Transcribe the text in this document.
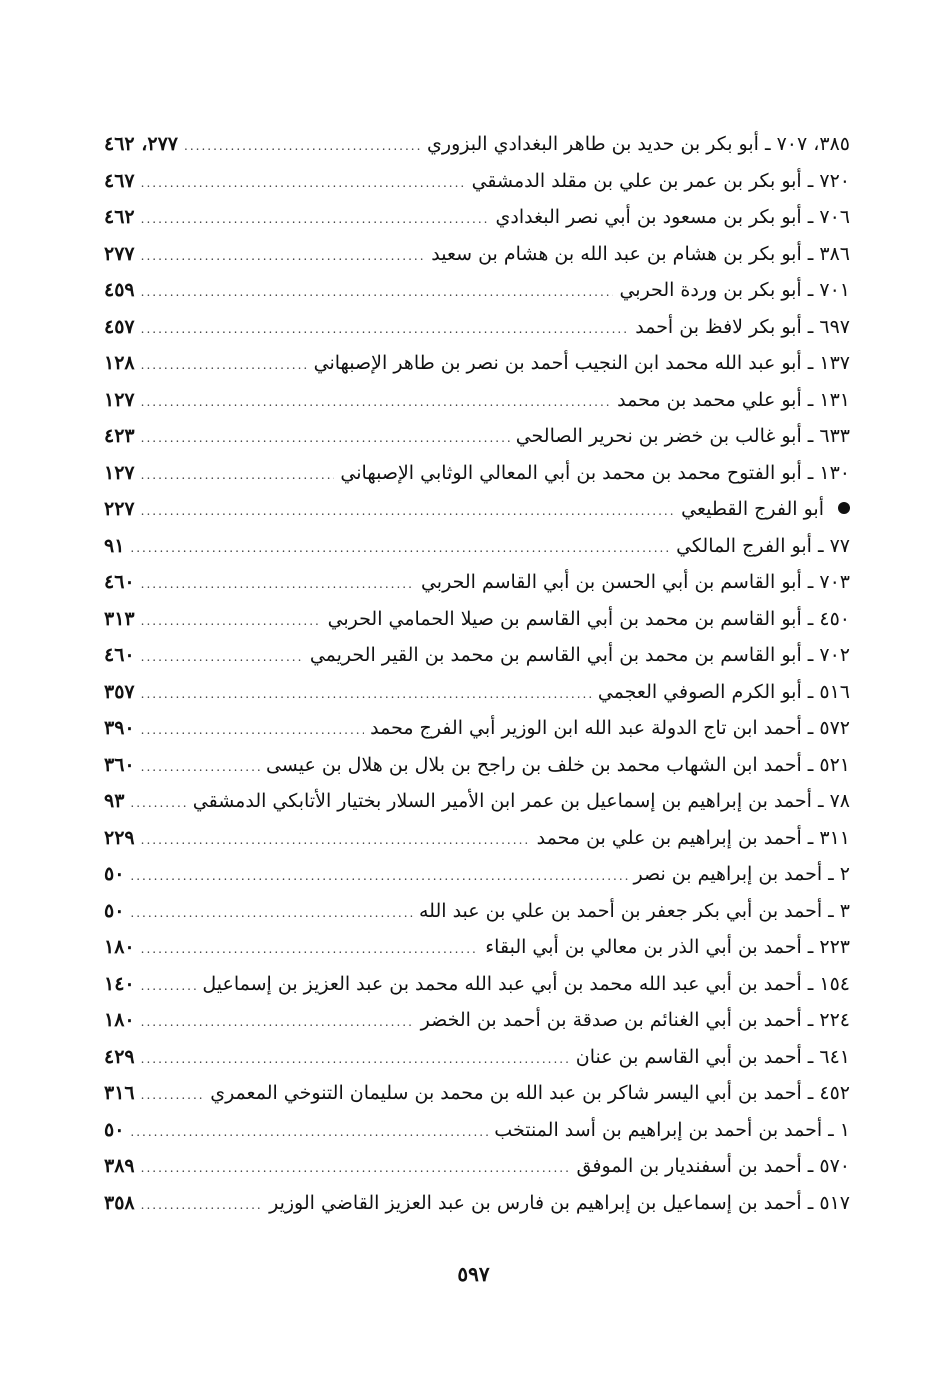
٣٨٥، ٧٠٧ ـ أبو بكر بن حديد بن طاهر البغدادي البزوري
.....
٢٧٧، ٤٦٢
٧٢٠ ـ أبو بكر بن عمر بن علي بن مقلد الدمشقي
.....
٤٦٧
٧٠٦ ـ أبو بكر بن مسعود بن أبي نصر البغدادي
.....
٤٦٢
٣٨٦ ـ أبو بكر بن هشام بن عبد الله بن هشام بن سعيد
.....
٢٧٧
٧٠١ ـ أبو بكر بن وردة الحربي
.....
٤٥٩
٦٩٧ ـ أبو بكر لافظ بن أحمد
.....
٤٥٧
١٣٧ ـ أبو عبد الله محمد ابن النجيب أحمد بن نصر بن طاهر الإصبهاني
.....
١٢٨
١٣١ ـ أبو علي محمد بن محمد
.....
١٢٧
٦٣٣ ـ أبو غالب بن خضر بن نحرير الصالحي
.....
٤٢٣
١٣٠ ـ أبو الفتوح محمد بن محمد بن أبي المعالي الوثابي الإصبهاني
.....
١٢٧
أبو الفرج القطيعي
.....
٢٢٧
٧٧ ـ أبو الفرج المالكي
.....
٩١
٧٠٣ ـ أبو القاسم بن أبي الحسن بن أبي القاسم الحربي
.....
٤٦٠
٤٥٠ ـ أبو القاسم بن محمد بن أبي القاسم بن صيلا الحمامي الحربي
.....
٣١٣
٧٠٢ ـ أبو القاسم بن محمد بن أبي القاسم بن محمد بن القير الحريمي
.....
٤٦٠
٥١٦ ـ أبو الكرم الصوفي العجمي
.....
٣٥٧
٥٧٢ ـ أحمد ابن تاج الدولة عبد الله ابن الوزير أبي الفرج محمد
.....
٣٩٠
٥٢١ ـ أحمد ابن الشهاب محمد بن خلف بن راجح بن بلال بن هلال بن عيسى
.....
٣٦٠
٧٨ ـ أحمد بن إبراهيم بن إسماعيل بن عمر ابن الأمير السلار بختيار الأتابكي الدمشقي
.....
٩٣
٣١١ ـ أحمد بن إبراهيم بن علي بن محمد
.....
٢٢٩
٢ ـ أحمد بن إبراهيم بن نصر
.....
٥٠
٣ ـ أحمد بن أبي بكر جعفر بن أحمد بن علي بن عبد الله
.....
٥٠
٢٢٣ ـ أحمد بن أبي الذر بن معالي بن أبي البقاء
.....
١٨٠
١٥٤ ـ أحمد بن أبي عبد الله محمد بن أبي عبد الله محمد بن عبد العزيز بن إسماعيل
.....
١٤٠
٢٢٤ ـ أحمد بن أبي الغنائم بن صدقة بن أحمد بن الخضر
.....
١٨٠
٦٤١ ـ أحمد بن أبي القاسم بن عنان
.....
٤٢٩
٤٥٢ ـ أحمد بن أبي اليسر شاكر بن عبد الله بن محمد بن سليمان التنوخي المعمري
.....
٣١٦
١ ـ أحمد بن أحمد بن إبراهيم بن أسد المنتخب
.....
٥٠
٥٧٠ ـ أحمد بن أسفنديار بن الموفق
.....
٣٨٩
٥١٧ ـ أحمد بن إسماعيل بن إبراهيم بن فارس بن عبد العزيز القاضي الوزير
.....
٣٥٨
٥٩٧
